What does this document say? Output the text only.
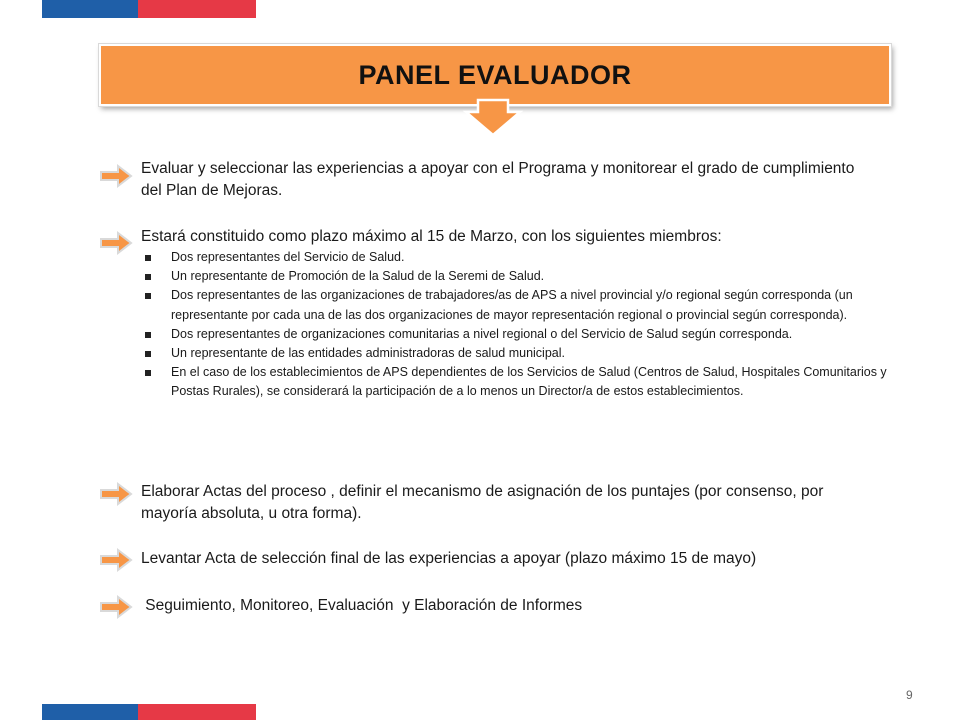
PANEL EVALUADOR
Evaluar y seleccionar las experiencias a apoyar con el Programa y monitorear el grado de cumplimiento del Plan de Mejoras.
Estará constituido como plazo máximo al 15 de Marzo, con los siguientes miembros:
Dos representantes del Servicio de Salud.
Un representante de Promoción de la Salud de la Seremi de Salud.
Dos representantes de las organizaciones de trabajadores/as de APS a nivel provincial y/o regional según corresponda (un representante por cada una de las dos organizaciones de mayor representación regional o provincial según corresponda).
Dos representantes de organizaciones comunitarias a nivel regional o del Servicio de Salud según corresponda.
Un representante de las entidades administradoras de salud municipal.
En el caso de los establecimientos de APS dependientes de los Servicios de Salud (Centros de Salud, Hospitales Comunitarios y Postas Rurales), se considerará la participación de a lo menos un Director/a de estos establecimientos.
Elaborar Actas del proceso , definir el mecanismo de asignación de los puntajes (por consenso, por mayoría absoluta, u otra forma).
Levantar Acta de selección final de las experiencias a apoyar (plazo máximo 15 de mayo)
Seguimiento, Monitoreo, Evaluación  y Elaboración de Informes
9
